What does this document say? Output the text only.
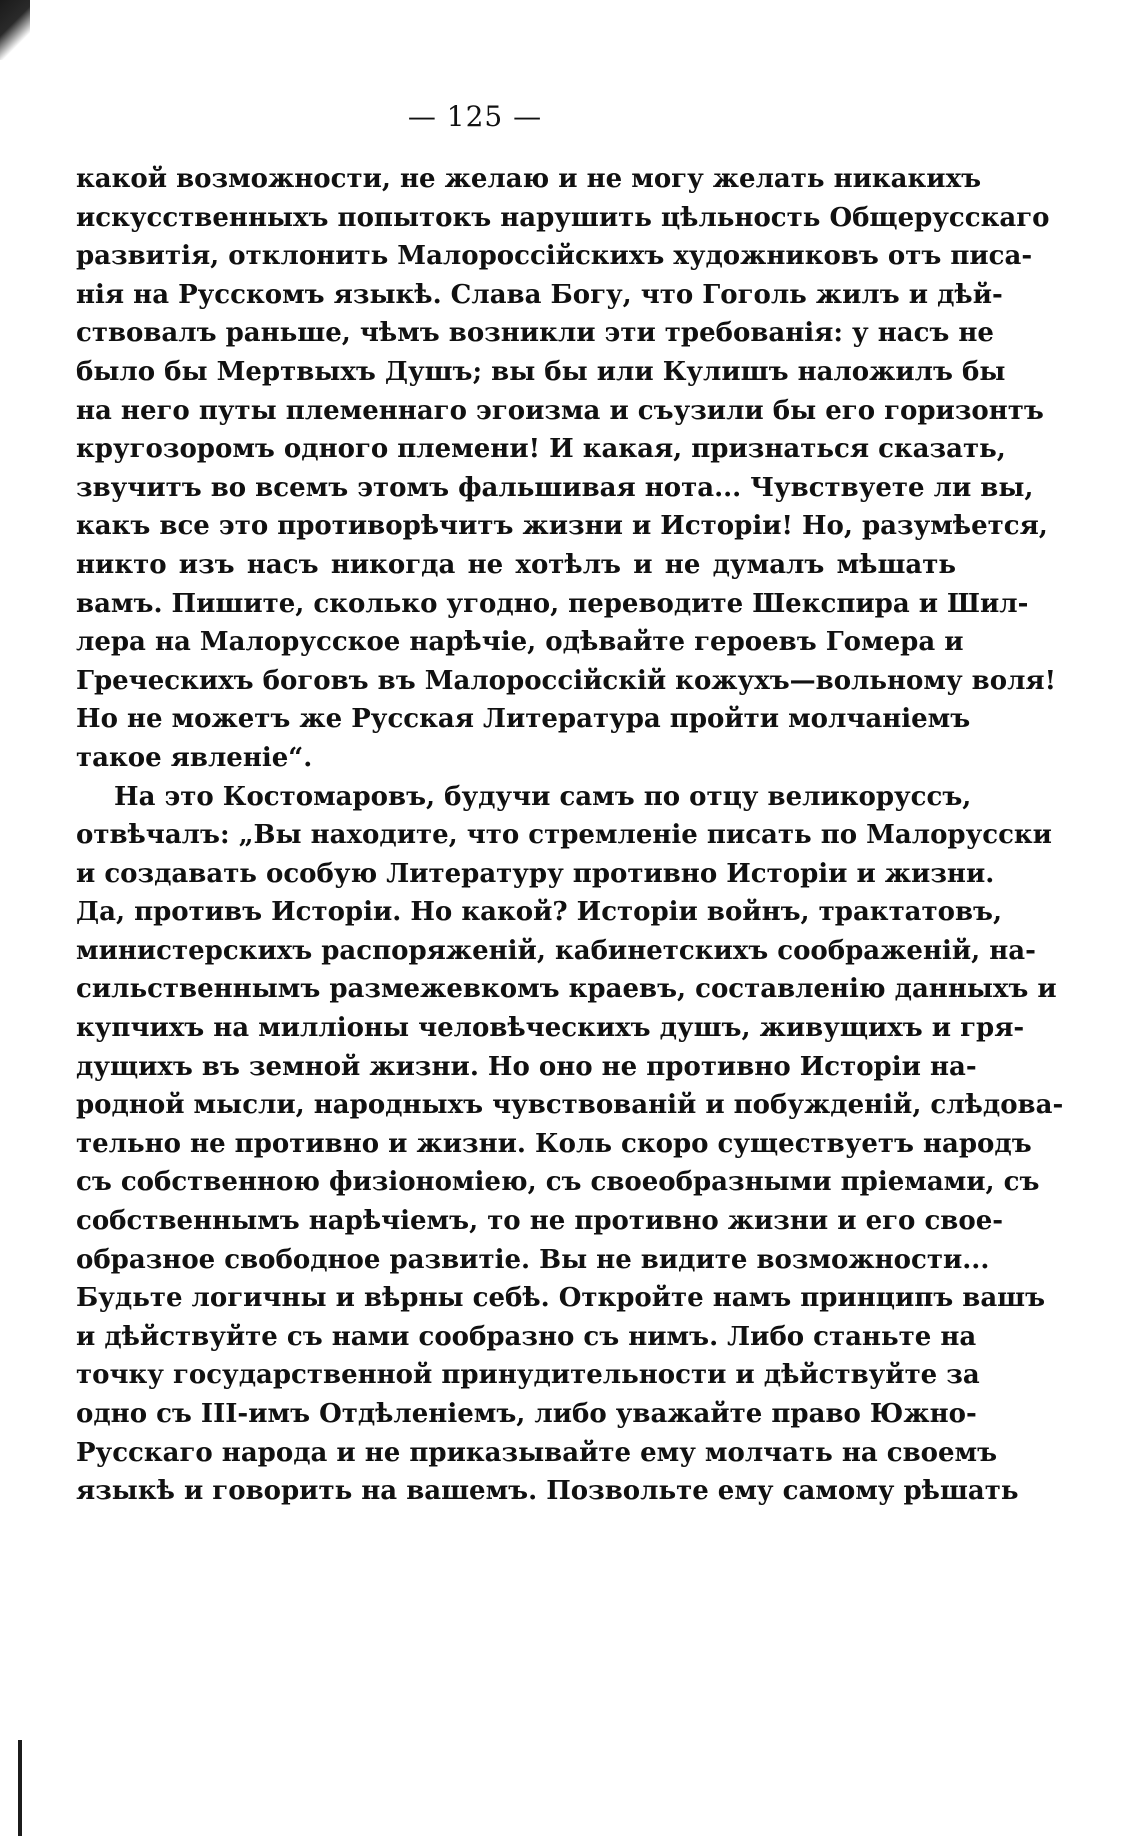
— 125 —
какой возможности, не желаю и не могу желать никакихъ
искусственныхъ попытокъ нарушить цѣльность Общерусскаго
развитія, отклонить Малороссійскихъ художниковъ отъ писа-
нія на Русскомъ языкѣ. Слава Богу, что Гоголь жилъ и дѣй-
ствовалъ раньше, чѣмъ возникли эти требованія: у насъ не
было бы Мертвыхъ Душъ; вы бы или Кулишъ наложилъ бы
на него путы племеннаго эгоизма и съузили бы его горизонтъ
кругозоромъ одного племени! И какая, признаться сказать,
звучитъ во всемъ этомъ фальшивая нота... Чувствуете ли вы,
какъ все это противорѣчитъ жизни и Исторіи! Но, разумѣется,
никто изъ насъ никогда не хотѣлъ и не думалъ мѣшать
вамъ. Пишите, сколько угодно, переводите Шекспира и Шил-
лера на Малорусское нарѣчіе, одѣвайте героевъ Гомера и
Греческихъ боговъ въ Малороссійскій кожухъ—вольному воля!
Но не можетъ же Русская Литература пройти молчаніемъ
такое явленіе“.
На это Костомаровъ, будучи самъ по отцу великоруссъ,
отвѣчалъ: „Вы находите, что стремленіе писать по Малорусски
и создавать особую Литературу противно Исторіи и жизни.
Да, противъ Исторіи. Но какой? Исторіи войнъ, трактатовъ,
министерскихъ распоряженій, кабинетскихъ соображеній, на-
сильственнымъ размежевкомъ краевъ, составленію данныхъ и
купчихъ на милліоны человѣческихъ душъ, живущихъ и гря-
дущихъ въ земной жизни. Но оно не противно Исторіи на-
родной мысли, народныхъ чувствованій и побужденій, слѣдова-
тельно не противно и жизни. Коль скоро существуетъ народъ
съ собственною физіономіею, съ своеобразными пріемами, съ
собственнымъ нарѣчіемъ, то не противно жизни и его свое-
образное свободное развитіе. Вы не видите возможности...
Будьте логичны и вѣрны себѣ. Откройте намъ принципъ вашъ
и дѣйствуйте съ нами сообразно съ нимъ. Либо станьте на
точку государственной принудительности и дѣйствуйте за
одно съ III-имъ Отдѣленіемъ, либо уважайте право Южно-
Русскаго народа и не приказывайте ему молчать на своемъ
языкѣ и говорить на вашемъ. Позвольте ему самому рѣшать
